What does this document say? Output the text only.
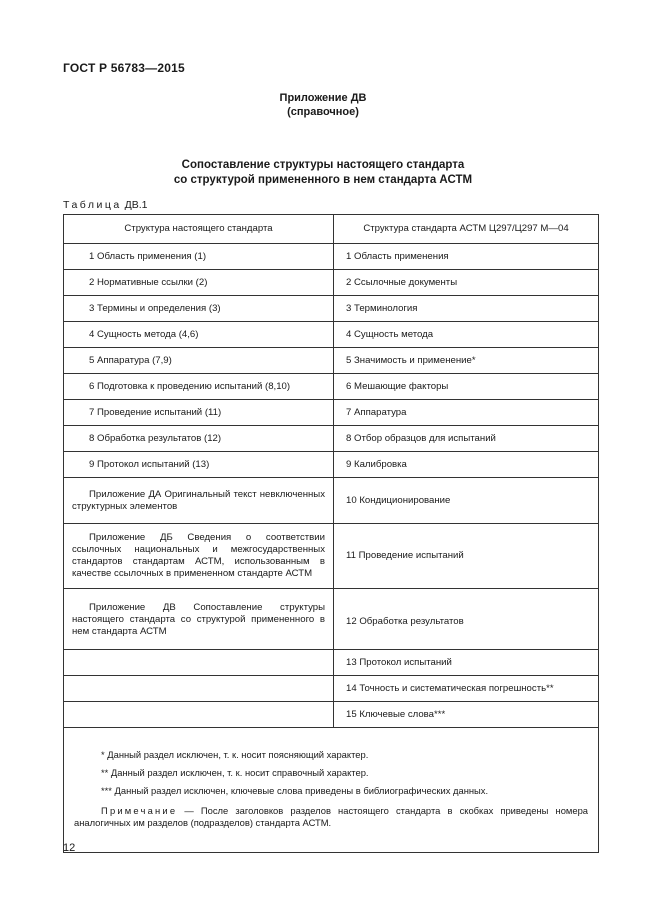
ГОСТ Р 56783—2015
Приложение ДВ
(справочное)
Сопоставление структуры настоящего стандарта
со структурой примененного в нем стандарта АСТМ
Таблица ДВ.1
Структура настоящего стандарта	Структура стандарта АСТМ Ц297/Ц297 М—04
1 Область применения (1)	1 Область применения
2 Нормативные ссылки (2)	2 Ссылочные документы
3 Термины и определения (3)	3 Терминология
4 Сущность метода (4,6)	4 Сущность метода
5 Аппаратура (7,9)	5 Значимость и применение*
6 Подготовка к проведению испытаний (8,10)	6 Мешающие факторы
7 Проведение испытаний (11)	7 Аппаратура
8 Обработка результатов (12)	8 Отбор образцов для испытаний
9 Протокол испытаний (13)	9 Калибровка
Приложение ДА Оригинальный текст невключенных структурных элементов	10 Кондиционирование
Приложение ДБ Сведения о соответствии ссылочных национальных и межгосударственных стандартов стандартам АСТМ, использованным в качестве ссылочных в примененном стандарте АСТМ	11 Проведение испытаний
Приложение ДВ Сопоставление структуры настоящего стандарта со структурой примененного в нем стандарта АСТМ	12 Обработка результатов
	13 Протокол испытаний
	14 Точность и систематическая погрешность**
	15 Ключевые слова***

* Данный раздел исключен, т. к. носит поясняющий характер.

** Данный раздел исключен, т. к. носит справочный характер.

*** Данный раздел исключен, ключевые слова приведены в библиографических данных.

Примечание — После заголовков разделов настоящего стандарта в скобках приведены номера аналогичных им разделов (подразделов) стандарта АСТМ.	

12
